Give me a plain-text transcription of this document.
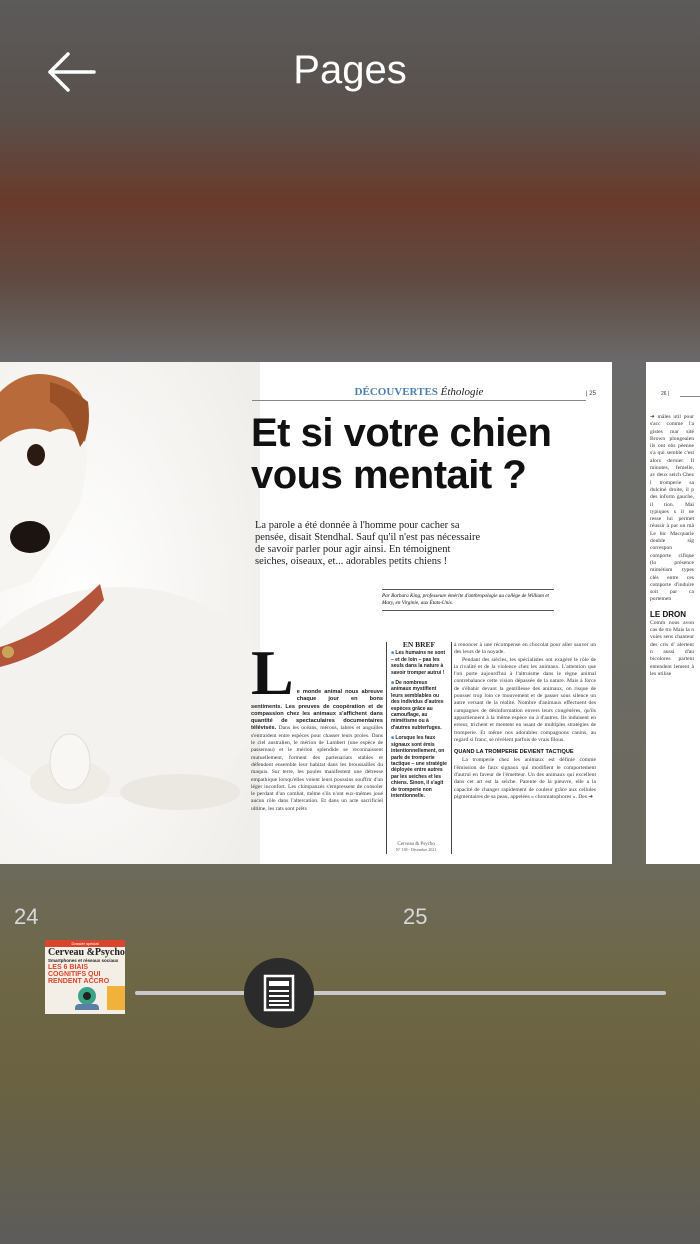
Pages
DÉCOUVERTES Éthologie	| 25
Et si votre chien
vous mentait ?
La parole a été donnée à l'homme pour cacher sa pensée, disait Stendhal. Sauf qu'il n'est pas nécessaire de savoir parler pour agir ainsi. En témoignent seiches, oiseaux, et... adorables petits chiens !
Par Barbara King, professeure émérite d'anthropologie au collège de William et Mary, en Virginie, aux États-Unis.
L e monde animal nous abreuve chaque jour en bons sentiments. Les preuves de coopération et de compassion chez les animaux s'affichent dans quantité de spectaculaires documentaires télévisés. Dans les océans, mérous, labres et anguilles s'entraident entre espèces pour chasser leurs proies. Dans le ciel australien, le mérion de Lambert (une espèce de passereau) et le mérion splendide se reconnaissent mutuellement, forment des partenariats stables et défendent ensemble leur habitat dans les broussailles du maquis. Sur terre, les poules manifestent une détresse empathique lorsqu'elles voient leurs poussins souffrir d'un léger inconfort. Les chimpanzés s'empressent de consoler le perdant d'un combat, même s'ils n'ont eux-mêmes joué aucun rôle dans l'altercation. Et dans un acte sacrificiel ultime, les rats sont prêts
EN BREF

■ Les humains ne sont – et de loin – pas les seuls dans la nature à savoir tromper autrui !

■ De nombreux animaux mystifient leurs semblables ou des individus d'autres espèces grâce au camouflage, au mimétisme ou à d'autres subterfuges.

■ Lorsque les faux signaux sont émis intentionnellement, on parle de tromperie tactique – une stratégie déployée entre autres par les seiches et les chiens. Sinon, il s'agit de tromperie non intentionnelle.

à renoncer à une récompense en chocolat pour aller sauver un des leurs de la noyade.

Pendant des siècles, les spécialistes ont exagéré le rôle de la rivalité et de la violence chez les animaux. L'attention que l'on porte aujourd'hui à l'altruisme dans le règne animal contrebalance cette vision dépassée de la nature. Mais à force de s'ébahir devant la gentillesse des animaux, on risque de pousser trop loin ce mouvement et de passer sous silence un autre versant de la réalité. Nombre d'animaux effectuent des campagnes de désinformation envers leurs congénères, qu'ils appartiennent à la même espèce ou à d'autres. Ils induisent en erreur, trichent et mentent en usant de multiples stratégies de tromperie. Et même nos adorables compagnons canins, au regard si franc, se révèlent parfois de vrais filous.

QUAND LA TROMPERIE DEVIENT TACTIQUE

La tromperie chez les animaux est définie comme l'émission de faux signaux qui modifient le comportement d'autrui en faveur de l'émetteur. Un des animaux qui excellent dans cet art est la seiche. Parente de la pieuvre, elle a la capacité de changer rapidement de couleur grâce aux cellules pigmentaires de sa peau, appelées « chromatophores ». Des ➔

Cerveau & Psycho
N° 138 - Décembre 2021
26 |
➔ mâles util pour s'acc comme l'a gistes mar sité Brown plongeaien ils ont obs pèenne s'a qui semble c'est alors dernier. Il minutes, femelle, av deux seich Chez l tromperie sa dulciné droite, il p des inform gauche, il tion. Mai typiques s il ne resse lui permet réussir à par un mâ Le bic Macquarie double sig correspon comporte cifique (lo présence mimétism types clés entre ces comporte d'induire soit par ca portemen
LE DRON
Comm nous avon cas de tro Mais la n voies sens chanteur des cris d' alertent n aussi d'au bicolores partent entendent lement à les utilise
24	25
Dossier spécial
Cerveau &Psycho
Smartphones et réseaux sociaux
LES 6 BIAIS COGNITIFS QUI RENDENT ACCRO
